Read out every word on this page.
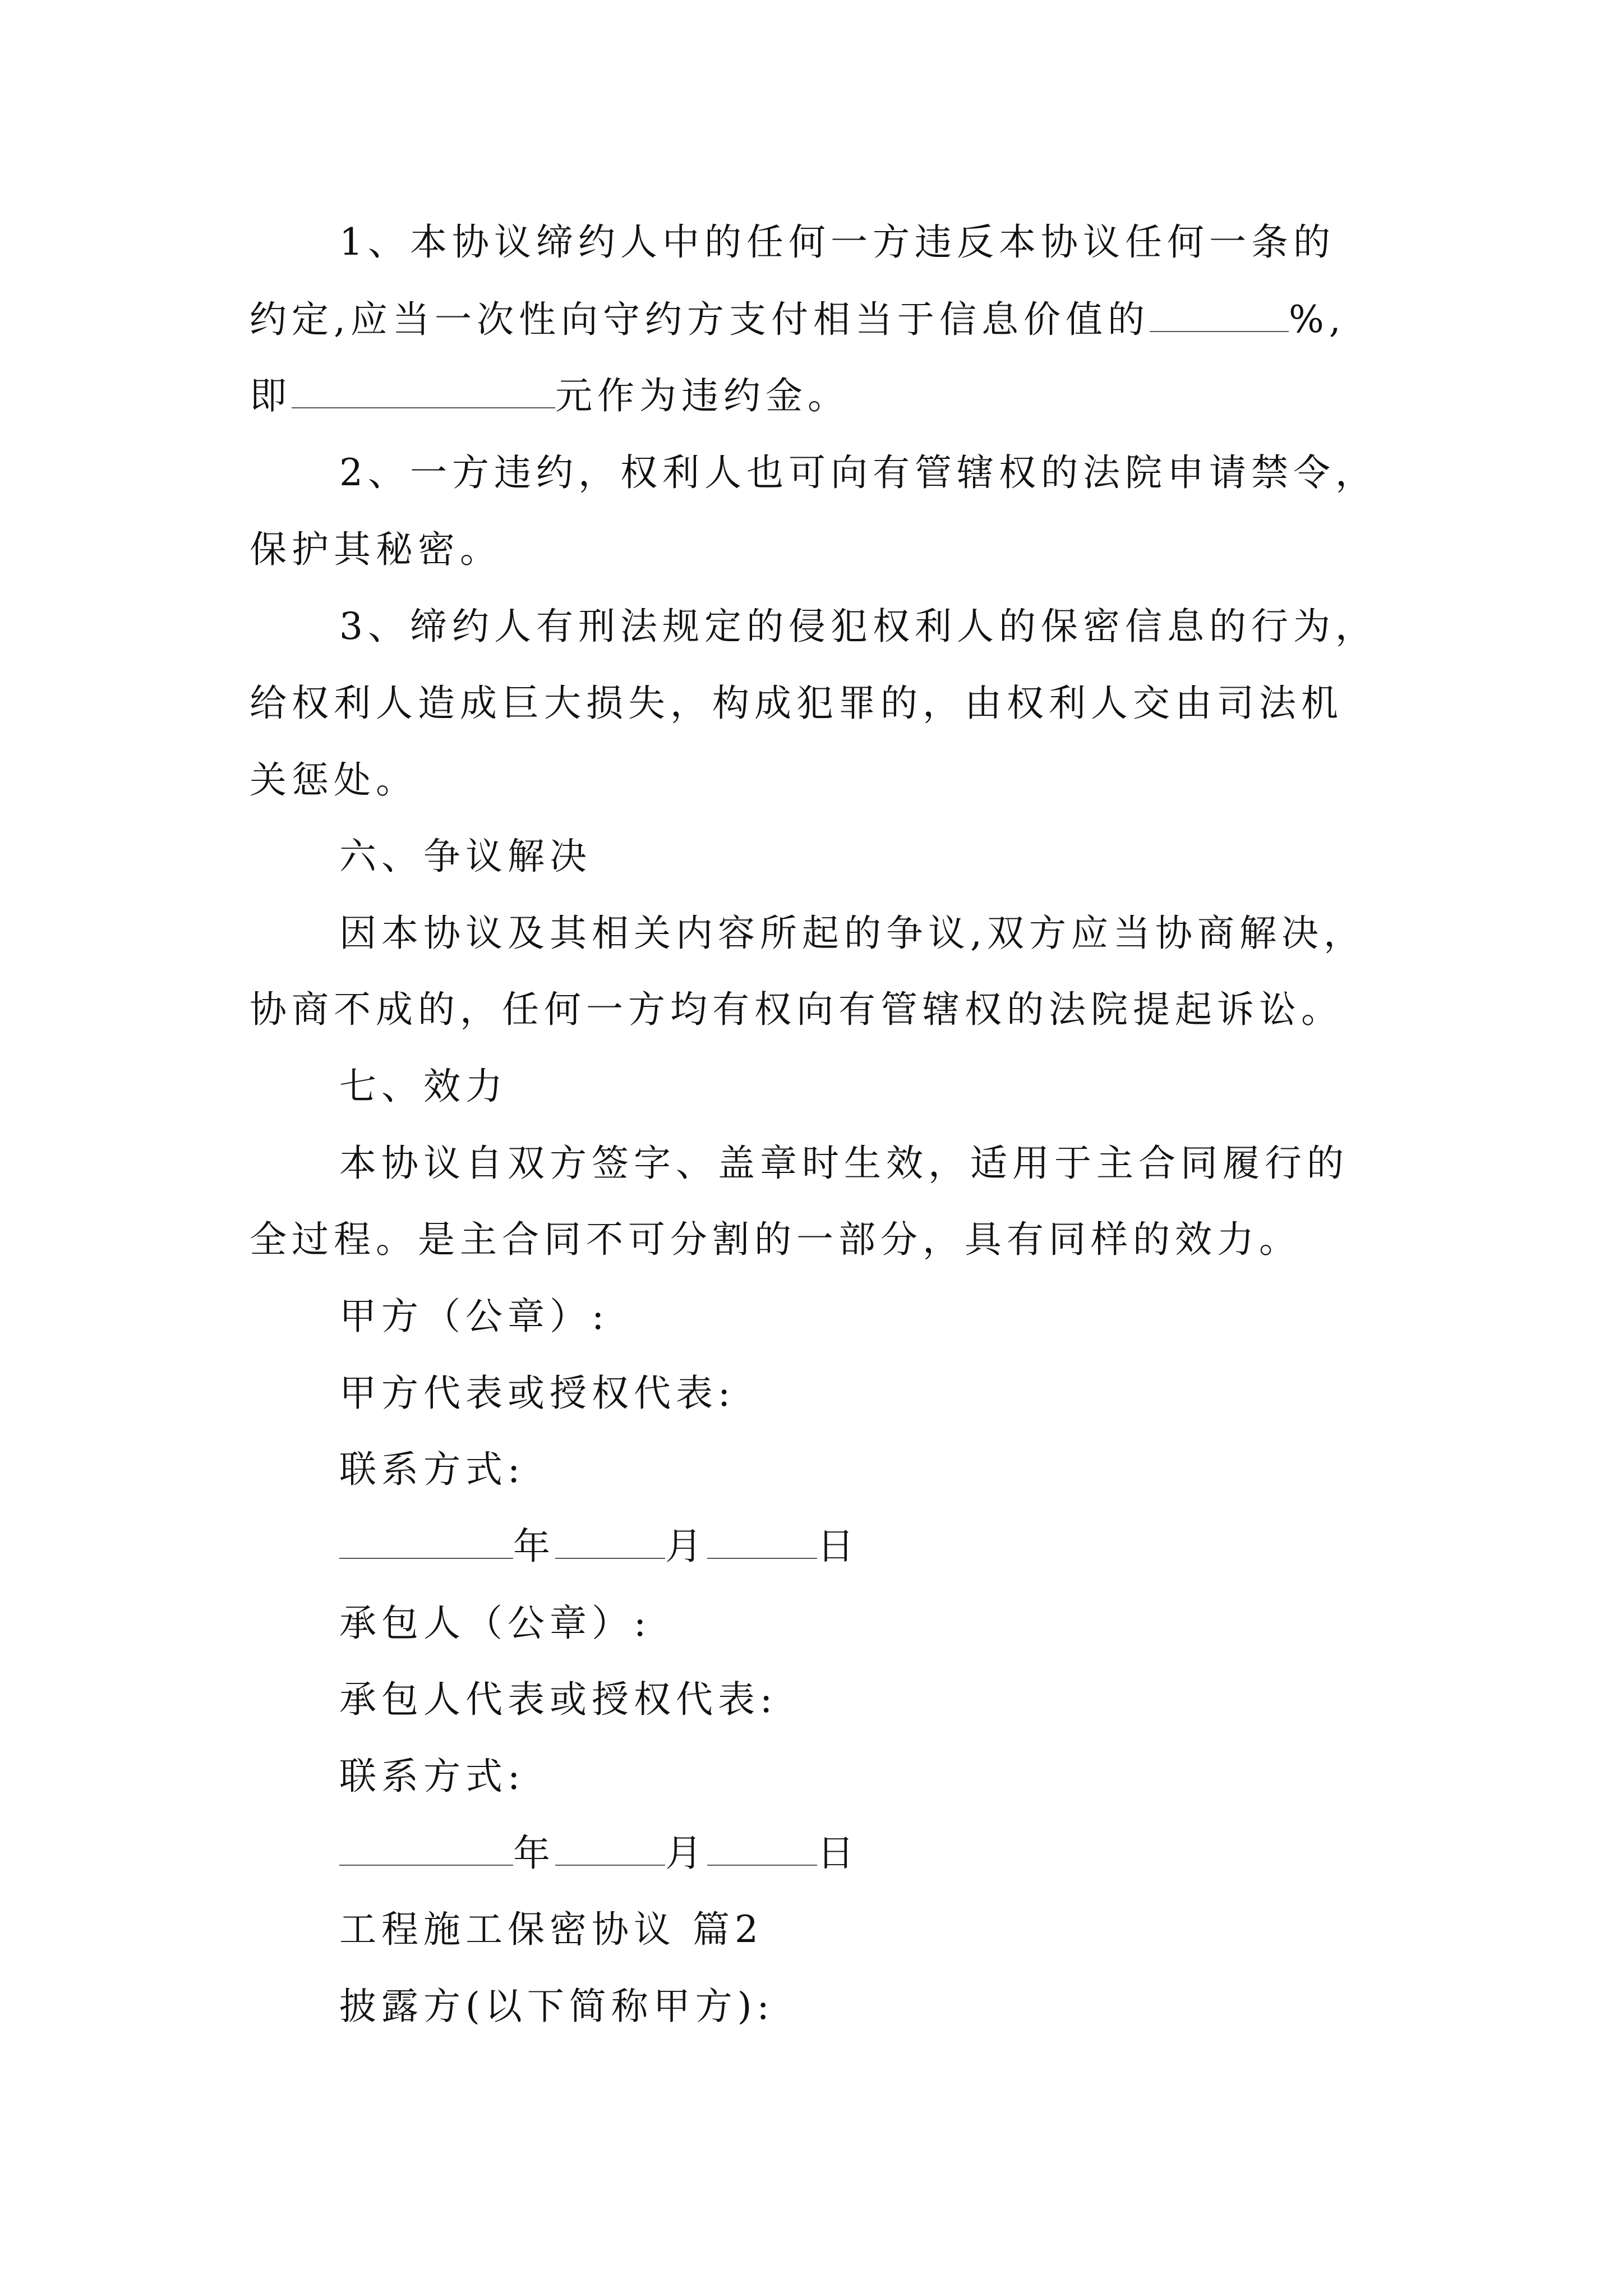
1、本协议缔约人中的任何一方违反本协议任何一条的
约定,应当一次性向守约方支付相当于信息价值的	%,
即	元作为违约金。
2、一方违约，权利人也可向有管辖权的法院申请禁令，
保护其秘密。
3、缔约人有刑法规定的侵犯权利人的保密信息的行为，
给权利人造成巨大损失，构成犯罪的，由权利人交由司法机
关惩处。
六、争议解决
因本协议及其相关内容所起的争议,双方应当协商解决，
协商不成的，任何一方均有权向有管辖权的法院提起诉讼。
七、效力
本协议自双方签字、盖章时生效，适用于主合同履行的
全过程。是主合同不可分割的一部分，具有同样的效力。
甲方（公章）:
甲方代表或授权代表:
联系方式:
年	月	日
承包人（公章）:
承包人代表或授权代表:
联系方式:
年	月	日
工程施工保密协议 篇2
披露方(以下简称甲方):
